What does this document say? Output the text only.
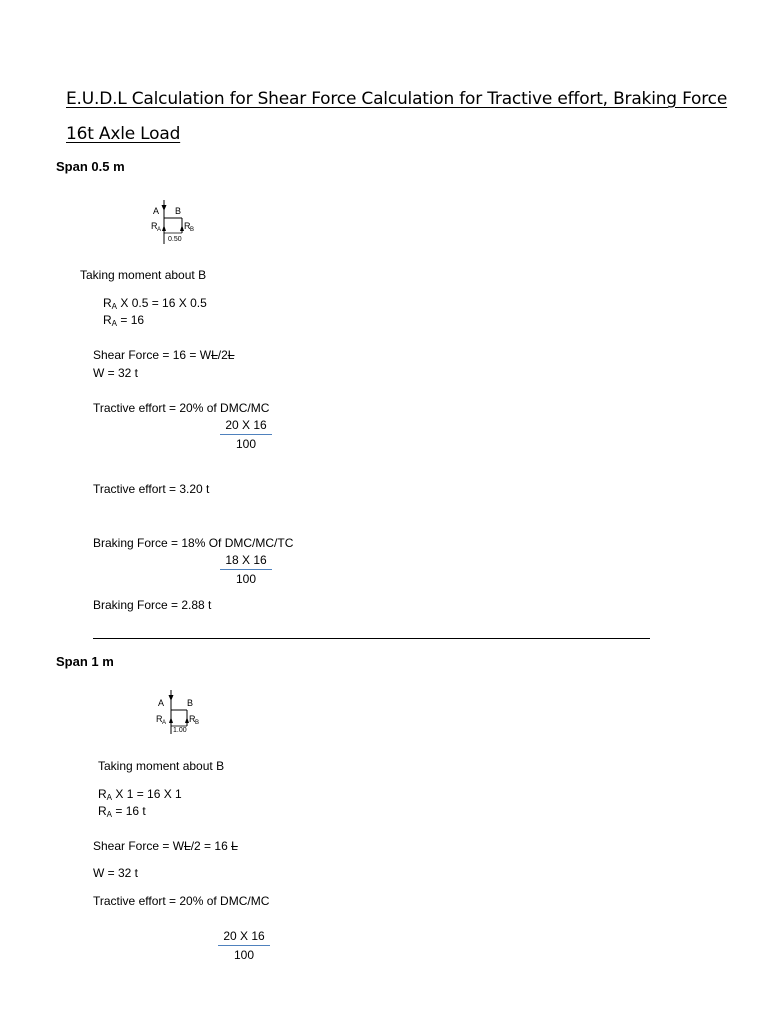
E.U.D.L Calculation for Shear Force Calculation for Tractive effort, Braking Force
16t Axle Load
Span 0.5 m
A B
R A	R B
0.50
Taking moment about B
$R_A$ X 0.5 = 16 X 0.5
$R_A = 16$
Shear Force = 16 = WL/2L
W = 32 t
Tractive effort = 20% of DMC/MC
20 X 16
100
Tractive effort = 3.20 t
Braking Force = 18% Of DMC/MC/TC
18 X 16
100
Braking Force = 2.88 t
Span 1 m
A	B
R A	R B
1.00
Taking moment about B
$R_A$ X 1 = 16 X 1
$R_A = 16$ t
Shear Force = WL/2 = 16 L
W = 32 t
Tractive effort = 20% of DMC/MC
20 X 16
100
